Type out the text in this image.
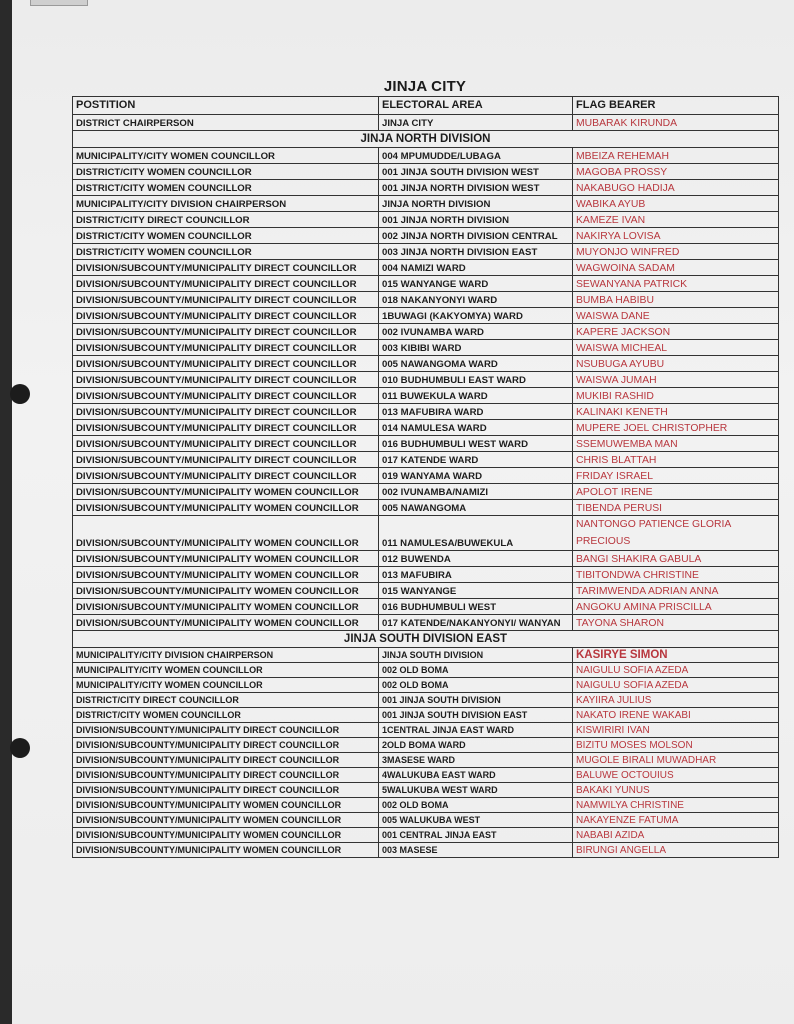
JINJA CITY
POSTITION	ELECTORAL AREA	FLAG BEARER
DISTRICT CHAIRPERSON	JINJA CITY	MUBARAK KIRUNDA
JINJA NORTH DIVISION		
MUNICIPALITY/CITY WOMEN COUNCILLOR	004 MPUMUDDE/LUBAGA	MBEIZA REHEMAH
DISTRICT/CITY WOMEN COUNCILLOR	001 JINJA SOUTH DIVISION WEST	MAGOBA PROSSY
DISTRICT/CITY WOMEN COUNCILLOR	001 JINJA NORTH DIVISION WEST	NAKABUGO HADIJA
MUNICIPALITY/CITY DIVISION CHAIRPERSON	JINJA NORTH DIVISION	WABIKA AYUB
DISTRICT/CITY DIRECT COUNCILLOR	001 JINJA NORTH DIVISION	KAMEZE IVAN
DISTRICT/CITY WOMEN COUNCILLOR	002 JINJA NORTH DIVISION CENTRAL	NAKIRYA LOVISA
DISTRICT/CITY WOMEN COUNCILLOR	003 JINJA NORTH DIVISION EAST	MUYONJO WINFRED
DIVISION/SUBCOUNTY/MUNICIPALITY DIRECT COUNCILLOR	004 NAMIZI WARD	WAGWOINA SADAM
DIVISION/SUBCOUNTY/MUNICIPALITY DIRECT COUNCILLOR	015 WANYANGE WARD	SEWANYANA PATRICK
DIVISION/SUBCOUNTY/MUNICIPALITY DIRECT COUNCILLOR	018 NAKANYONYI WARD	BUMBA HABIBU
DIVISION/SUBCOUNTY/MUNICIPALITY DIRECT COUNCILLOR	1BUWAGI (KAKYOMYA) WARD	WAISWA DANE
DIVISION/SUBCOUNTY/MUNICIPALITY DIRECT COUNCILLOR	002 IVUNAMBA WARD	KAPERE JACKSON
DIVISION/SUBCOUNTY/MUNICIPALITY DIRECT COUNCILLOR	003 KIBIBI WARD	WAISWA MICHEAL
DIVISION/SUBCOUNTY/MUNICIPALITY DIRECT COUNCILLOR	005 NAWANGOMA WARD	NSUBUGA AYUBU
DIVISION/SUBCOUNTY/MUNICIPALITY DIRECT COUNCILLOR	010 BUDHUMBULI EAST WARD	WAISWA JUMAH
DIVISION/SUBCOUNTY/MUNICIPALITY DIRECT COUNCILLOR	011 BUWEKULA WARD	MUKIBI RASHID
DIVISION/SUBCOUNTY/MUNICIPALITY DIRECT COUNCILLOR	013 MAFUBIRA WARD	KALINAKI KENETH
DIVISION/SUBCOUNTY/MUNICIPALITY DIRECT COUNCILLOR	014 NAMULESA WARD	MUPERE JOEL CHRISTOPHER
DIVISION/SUBCOUNTY/MUNICIPALITY DIRECT COUNCILLOR	016 BUDHUMBULI WEST WARD	SSEMUWEMBA MAN
DIVISION/SUBCOUNTY/MUNICIPALITY DIRECT COUNCILLOR	017 KATENDE WARD	CHRIS BLATTAH
DIVISION/SUBCOUNTY/MUNICIPALITY DIRECT COUNCILLOR	019 WANYAMA WARD	FRIDAY ISRAEL
DIVISION/SUBCOUNTY/MUNICIPALITY WOMEN COUNCILLOR	002 IVUNAMBA/NAMIZI	APOLOT IRENE
DIVISION/SUBCOUNTY/MUNICIPALITY WOMEN COUNCILLOR	005 NAWANGOMA	TIBENDA PERUSI
DIVISION/SUBCOUNTY/MUNICIPALITY WOMEN COUNCILLOR	011 NAMULESA/BUWEKULA	NANTONGO PATIENCE GLORIA PRECIOUS
DIVISION/SUBCOUNTY/MUNICIPALITY WOMEN COUNCILLOR	012 BUWENDA	BANGI SHAKIRA GABULA
DIVISION/SUBCOUNTY/MUNICIPALITY WOMEN COUNCILLOR	013 MAFUBIRA	TIBITONDWA CHRISTINE
DIVISION/SUBCOUNTY/MUNICIPALITY WOMEN COUNCILLOR	015 WANYANGE	TARIMWENDA ADRIAN ANNA
DIVISION/SUBCOUNTY/MUNICIPALITY WOMEN COUNCILLOR	016 BUDHUMBULI WEST	ANGOKU AMINA PRISCILLA
DIVISION/SUBCOUNTY/MUNICIPALITY WOMEN COUNCILLOR	017 KATENDE/NAKANYONYI/ WANYAN	TAYONA SHARON
JINJA SOUTH DIVISION EAST		
MUNICIPALITY/CITY DIVISION CHAIRPERSON	JINJA SOUTH DIVISION	KASIRYE SIMON
MUNICIPALITY/CITY WOMEN COUNCILLOR	002 OLD BOMA	NAIGULU SOFIA AZEDA
MUNICIPALITY/CITY WOMEN COUNCILLOR	002 OLD BOMA	NAIGULU SOFIA AZEDA
DISTRICT/CITY DIRECT COUNCILLOR	001 JINJA SOUTH DIVISION	KAYIIRA JULIUS
DISTRICT/CITY WOMEN COUNCILLOR	001 JINJA SOUTH DIVISION EAST	NAKATO IRENE WAKABI
DIVISION/SUBCOUNTY/MUNICIPALITY DIRECT COUNCILLOR	1CENTRAL JINJA EAST WARD	KISWIRIRI IVAN
DIVISION/SUBCOUNTY/MUNICIPALITY DIRECT COUNCILLOR	2OLD BOMA WARD	BIZITU MOSES MOLSON
DIVISION/SUBCOUNTY/MUNICIPALITY DIRECT COUNCILLOR	3MASESE WARD	MUGOLE BIRALI MUWADHAR
DIVISION/SUBCOUNTY/MUNICIPALITY DIRECT COUNCILLOR	4WALUKUBA EAST WARD	BALUWE OCTOUIUS
DIVISION/SUBCOUNTY/MUNICIPALITY DIRECT COUNCILLOR	5WALUKUBA WEST WARD	BAKAKI YUNUS
DIVISION/SUBCOUNTY/MUNICIPALITY WOMEN COUNCILLOR	002 OLD BOMA	NAMWILYA CHRISTINE
DIVISION/SUBCOUNTY/MUNICIPALITY WOMEN COUNCILLOR	005 WALUKUBA WEST	NAKAYENZE FATUMA
DIVISION/SUBCOUNTY/MUNICIPALITY WOMEN COUNCILLOR	001 CENTRAL JINJA EAST	NABABI AZIDA
DIVISION/SUBCOUNTY/MUNICIPALITY WOMEN COUNCILLOR	003 MASESE	BIRUNGI ANGELLA
